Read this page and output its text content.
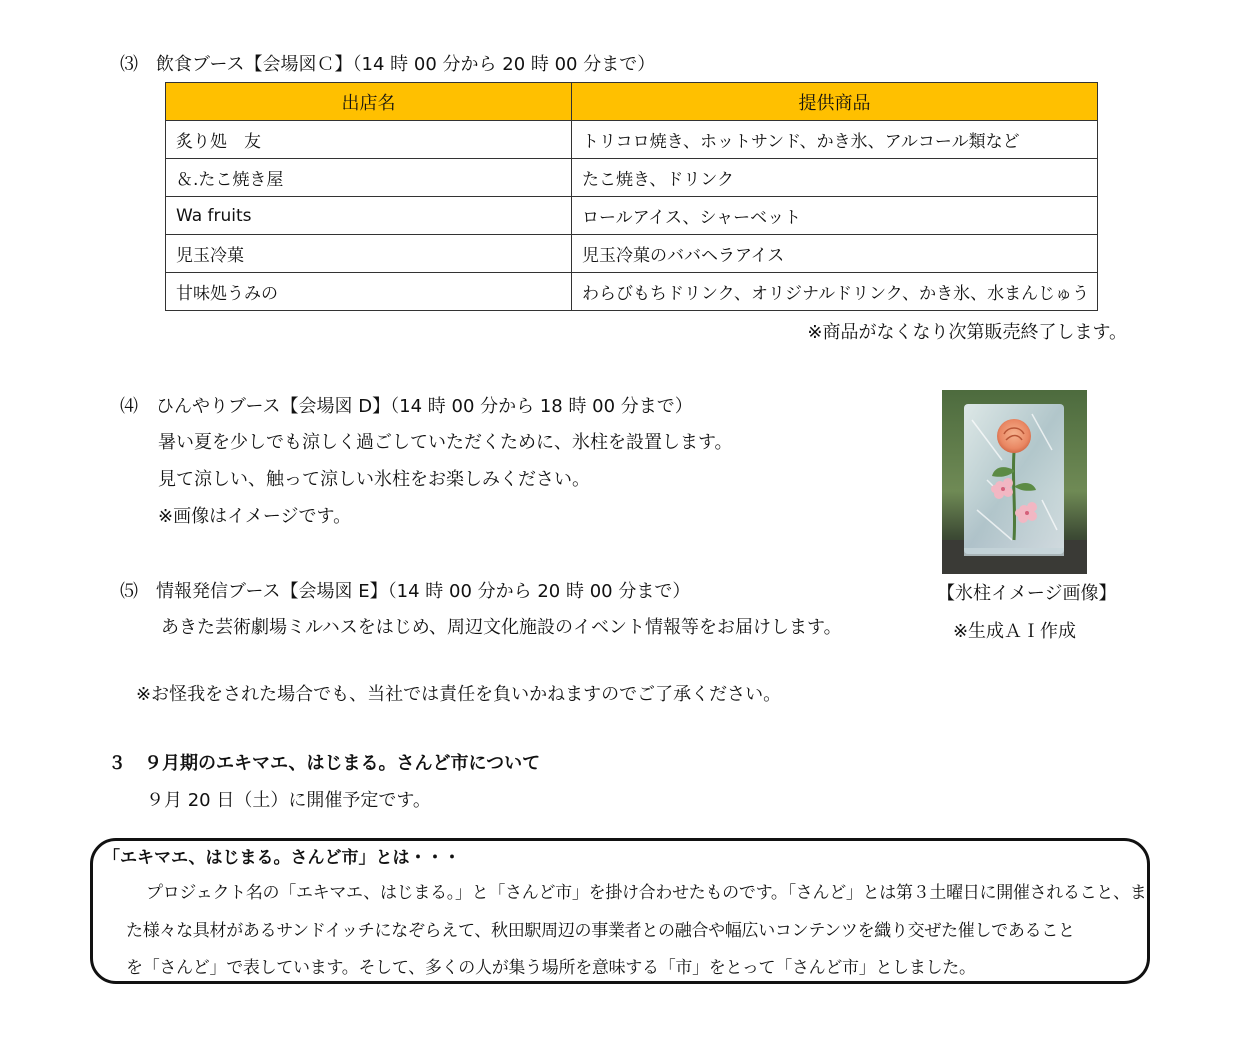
⑶　飲食ブース【会場図Ｃ】（14 時 00 分から 20 時 00 分まで）
出店名	提供商品
炙り処　友	トリコロ焼き、ホットサンド、かき氷、アルコール類など
＆.たこ焼き屋	たこ焼き、ドリンク
Wa fruits	ロールアイス、シャーベット
児玉冷菓	児玉冷菓のババヘラアイス
甘味処うみの	わらびもちドリンク、オリジナルドリンク、かき氷、水まんじゅう
※商品がなくなり次第販売終了します。
⑷　ひんやりブース【会場図 D】（14 時 00 分から 18 時 00 分まで）
暑い夏を少しでも涼しく過ごしていただくために、氷柱を設置します。
見て涼しい、触って涼しい氷柱をお楽しみください。
※画像はイメージです。
【氷柱イメージ画像】
※生成ＡＩ作成
⑸　情報発信ブース【会場図 E】（14 時 00 分から 20 時 00 分まで）
あきた芸術劇場ミルハスをはじめ、周辺文化施設のイベント情報等をお届けします。
※お怪我をされた場合でも、当社では責任を負いかねますのでご了承ください。
３　９月期のエキマエ、はじまる。さんど市について
９月 20 日（土）に開催予定です。
「エキマエ、はじまる。さんど市」とは・・・
プロジェクト名の「エキマエ、はじまる。」と「さんど市」を掛け合わせたものです。「さんど」とは第３土曜日に開催されること、ま
た様々な具材があるサンドイッチになぞらえて、秋田駅周辺の事業者との融合や幅広いコンテンツを織り交ぜた催しであること
を「さんど」で表しています。そして、多くの人が集う場所を意味する「市」をとって「さんど市」としました。
